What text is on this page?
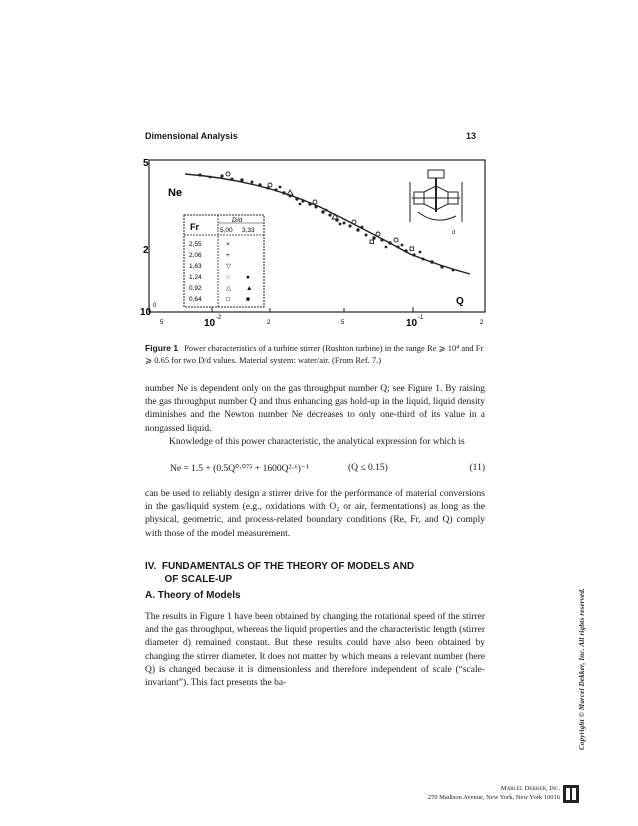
Dimensional Analysis	13
5
2
10
0
Ne
Q
5	10 -2
2	5	10 -1
2
Fr
D/d
5,00 3,33
2,55	×
2,06	+
1,63	▽
1,24	○ ●
0,92	△ ▲
0,64	□ ■
d
Figure 1 Power characteristics of a turbine stirrer (Rushton turbine) in the range Re ⩾ 10⁴ and Fr ⩾ 0.65 for two D/d values. Material system: water/air. (From Ref. 7.)
number Ne is dependent only on the gas throughput number Q; see Figure 1. By raising the gas throughput number Q and thus enhancing gas hold-up in the liquid, liquid density diminishes and the Newton number Ne decreases to only one-third of its value in a nongassed liquid.
Knowledge of this power characteristic, the analytical expression for which is
Ne = 1.5 + (0.5Q⁰·⁰⁷⁵ + 1600Q²·⁶)⁻¹	(Q ≤ 0.15)	(11)
can be used to reliably design a stirrer drive for the performance of material conversions in the gas/liquid system (e.g., oxidations with O₂ or air, fermentations) as long as the physical, geometric, and process-related boundary conditions (Re, Fr, and Q) comply with those of the model measurement.
IV.  FUNDAMENTALS OF THE THEORY OF MODELS AND
OF SCALE-UP
A. Theory of Models
The results in Figure 1 have been obtained by changing the rotational speed of the stirrer and the gas throughput, whereas the liquid properties and the characteristic length (stirrer diameter d) remained constant. But these results could have also been obtained by changing the stirrer diameter. It does not matter by which means a relevant number (here Q) is changed because it is dimensionless and therefore independent of scale (“scale-invariant”). This fact presents the ba-	Copyright © Marcel Dekker, Inc. All rights reserved.
Marcel Dekker, Inc.
270 Madison Avenue, New York, New York 10016
